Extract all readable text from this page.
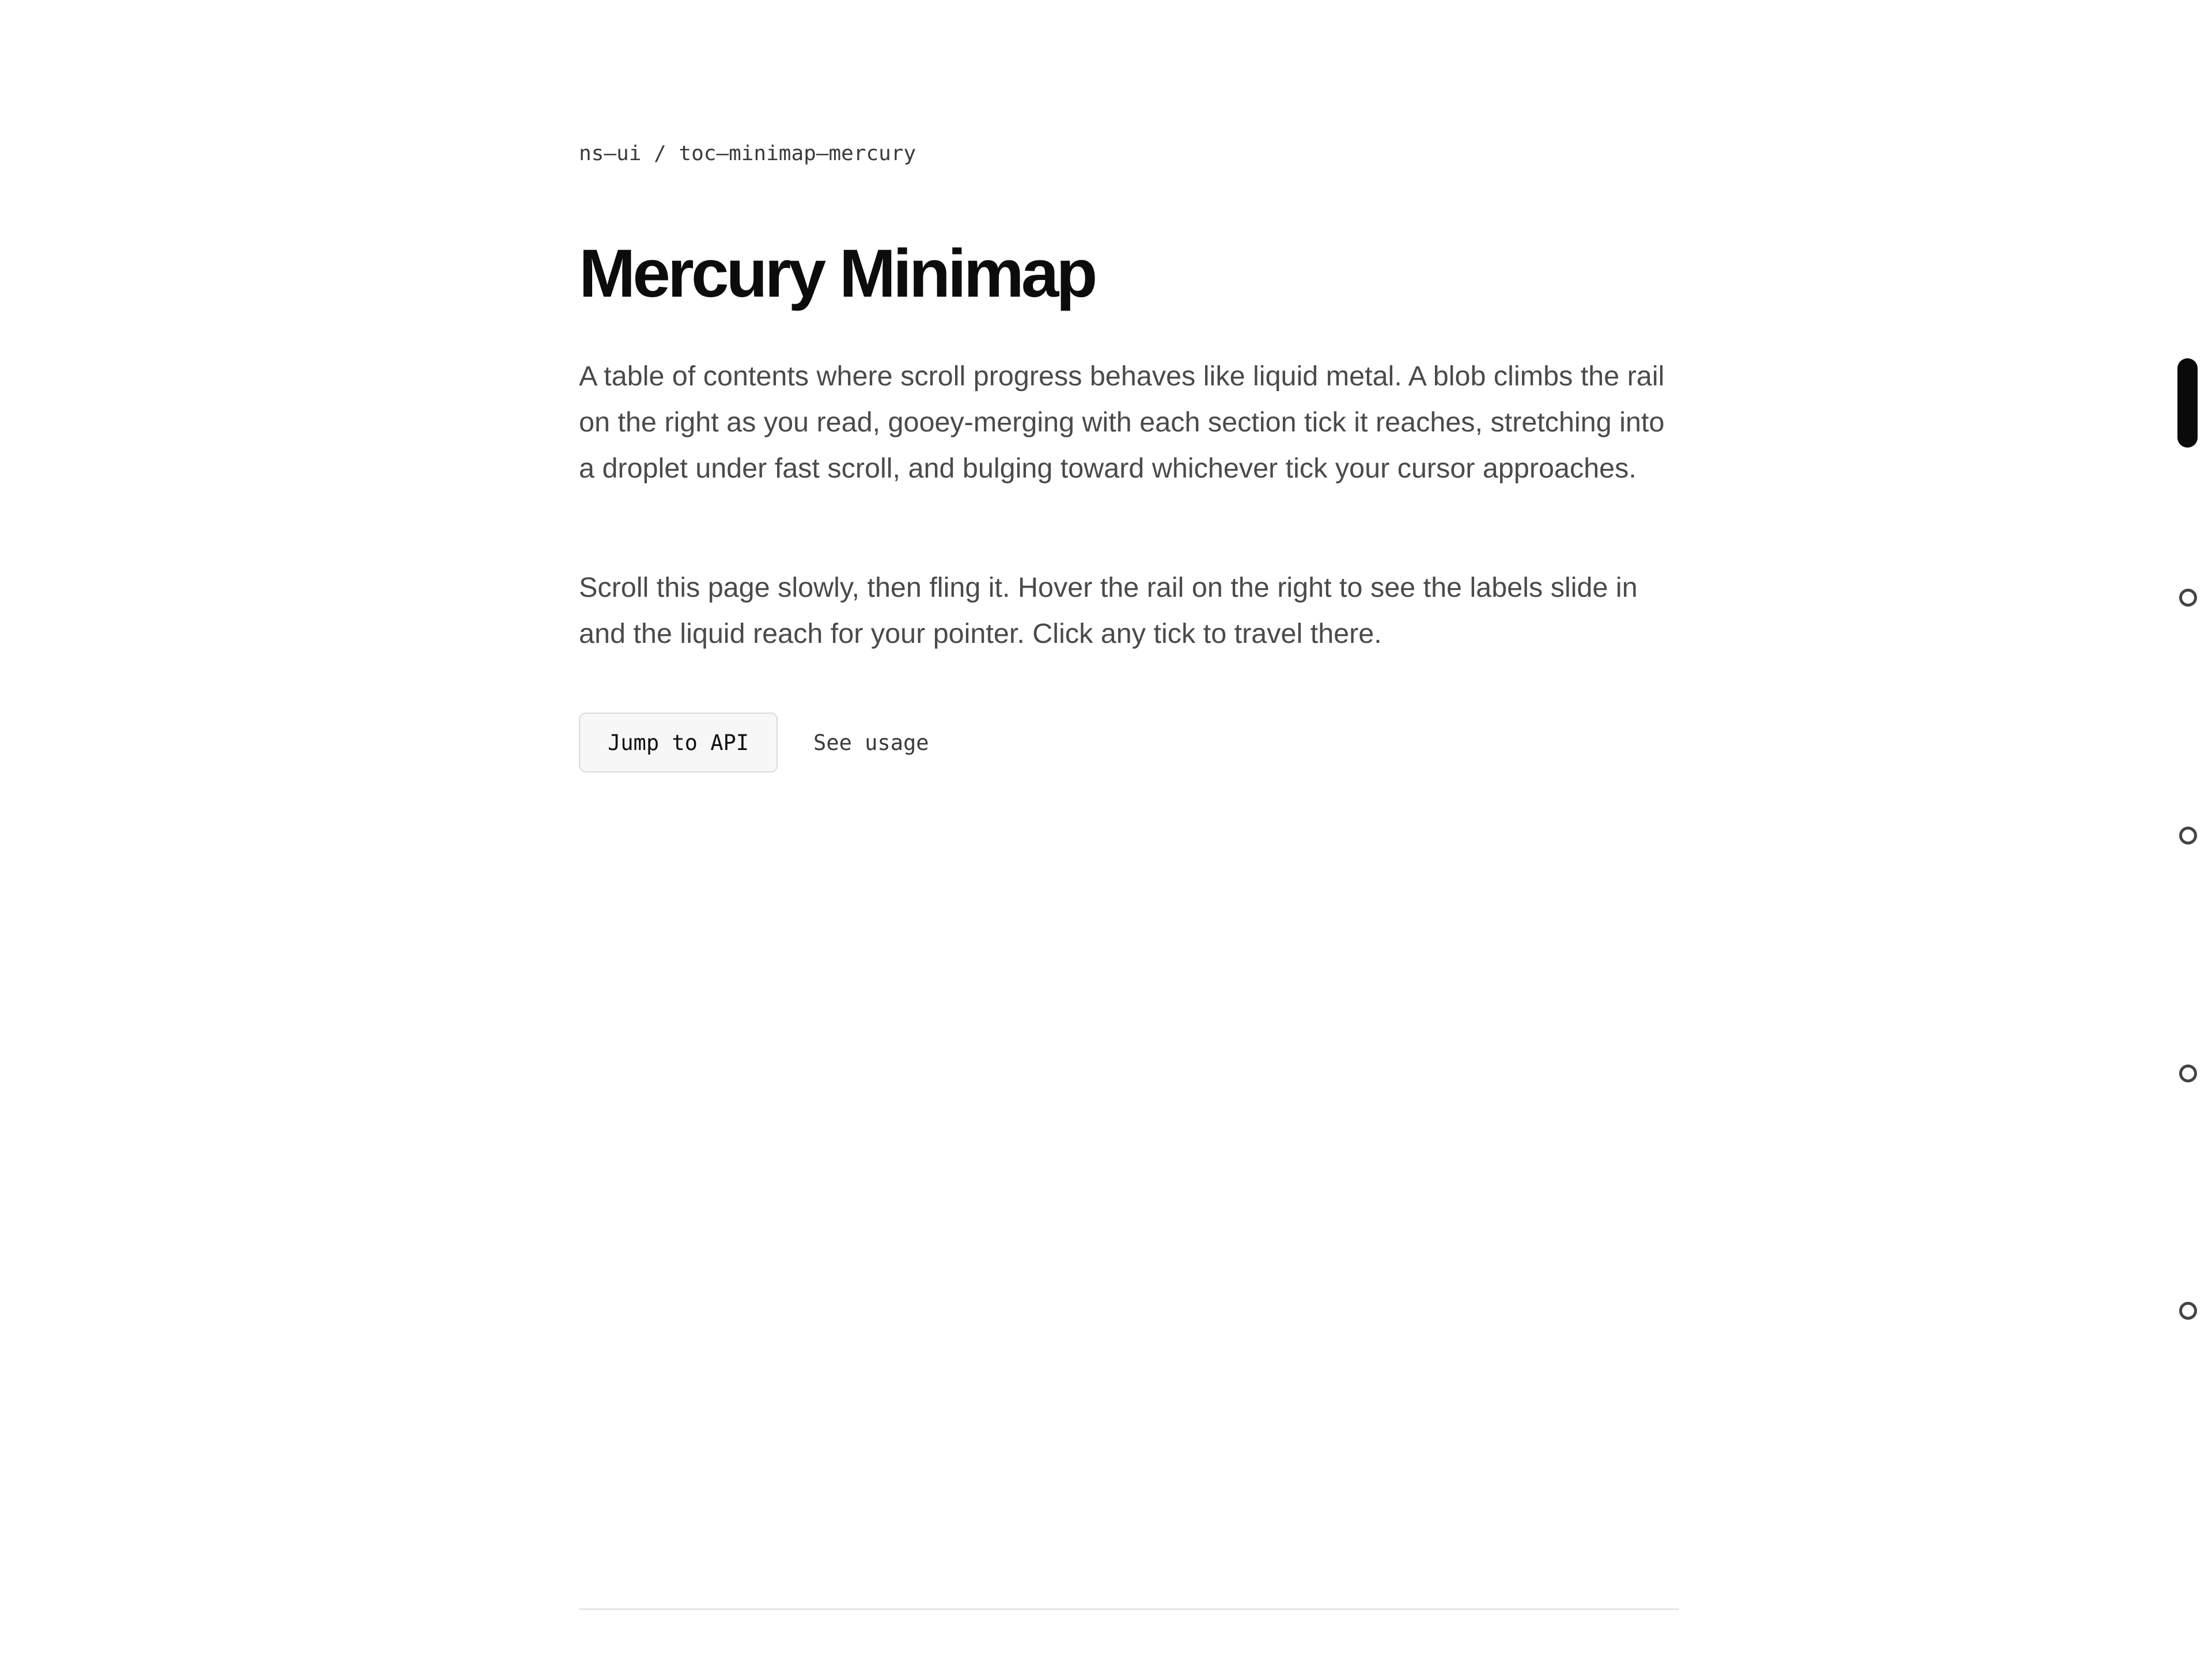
ns–ui / toc–minimap–mercury
Mercury Minimap

A table of contents where scroll progress behaves like liquid metal. A blob climbs the rail on the right as you read, gooey-merging with each section tick it reaches, stretching into a droplet under fast scroll, and bulging toward whichever tick your cursor approaches.

Scroll this page slowly, then fling it. Hover the rail on the right to see the labels slide in and the liquid reach for your pointer. Click any tick to travel there.

Jump to API	See usage
